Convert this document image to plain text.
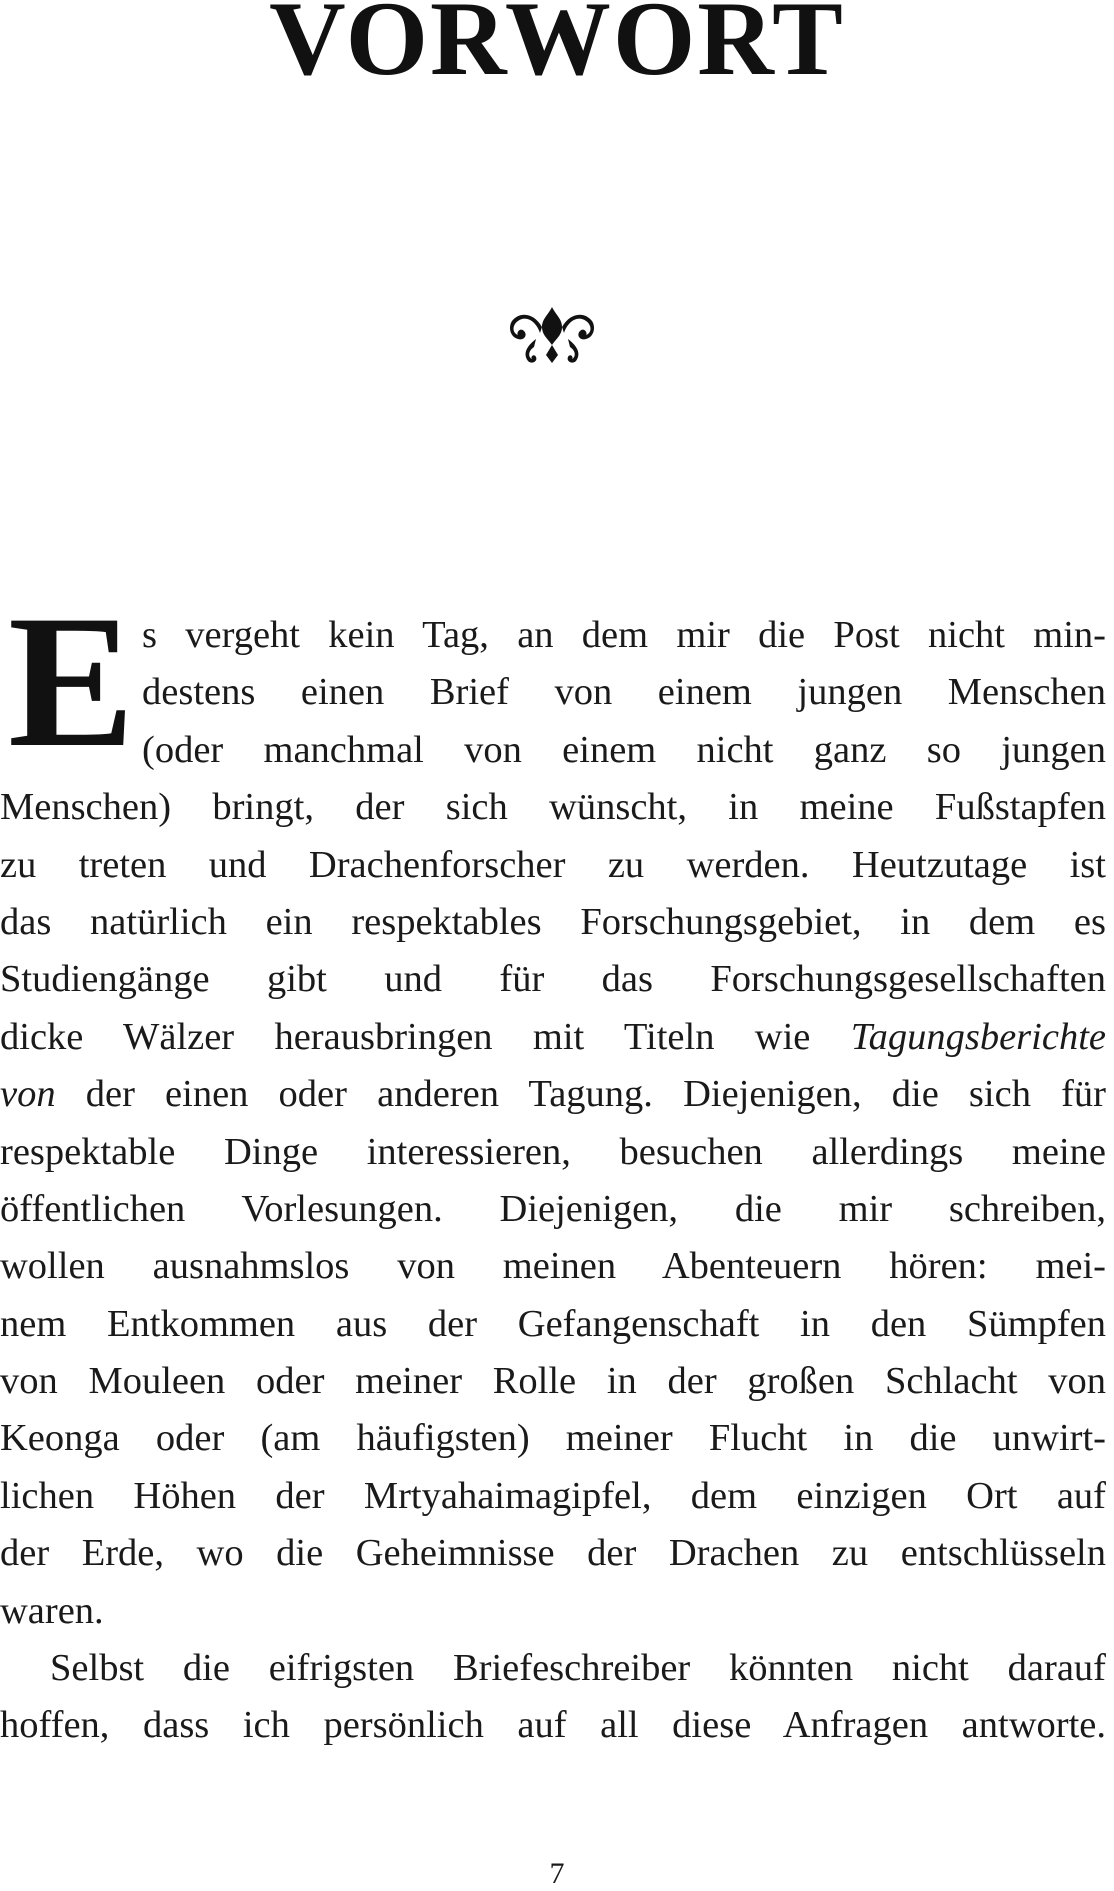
VORWORT
E s vergeht kein Tag, an dem mir die Post nicht min-
destens einen Brief von einem jungen Menschen
(oder manchmal von einem nicht ganz so jungen
Menschen) bringt, der sich wünscht, in meine Fußstapfen
zu treten und Drachenforscher zu werden. Heutzutage ist
das natürlich ein respektables Forschungsgebiet, in dem es
Studiengänge gibt und für das Forschungsgesellschaften
dicke Wälzer herausbringen mit Titeln wie Tagungsberichte
von der einen oder anderen Tagung. Diejenigen, die sich für
respektable Dinge interessieren, besuchen allerdings meine
öffentlichen Vorlesungen. Diejenigen, die mir schreiben,
wollen ausnahmslos von meinen Abenteuern hören: mei-
nem Entkommen aus der Gefangenschaft in den Sümpfen
von Mouleen oder meiner Rolle in der großen Schlacht von
Keonga oder (am häufigsten) meiner Flucht in die unwirt-
lichen Höhen der Mrtyahaimagipfel, dem einzigen Ort auf
der Erde, wo die Geheimnisse der Drachen zu entschlüsseln
waren.
Selbst die eifrigsten Briefeschreiber könnten nicht darauf
hoffen, dass ich persönlich auf all diese Anfragen antworte.
7
